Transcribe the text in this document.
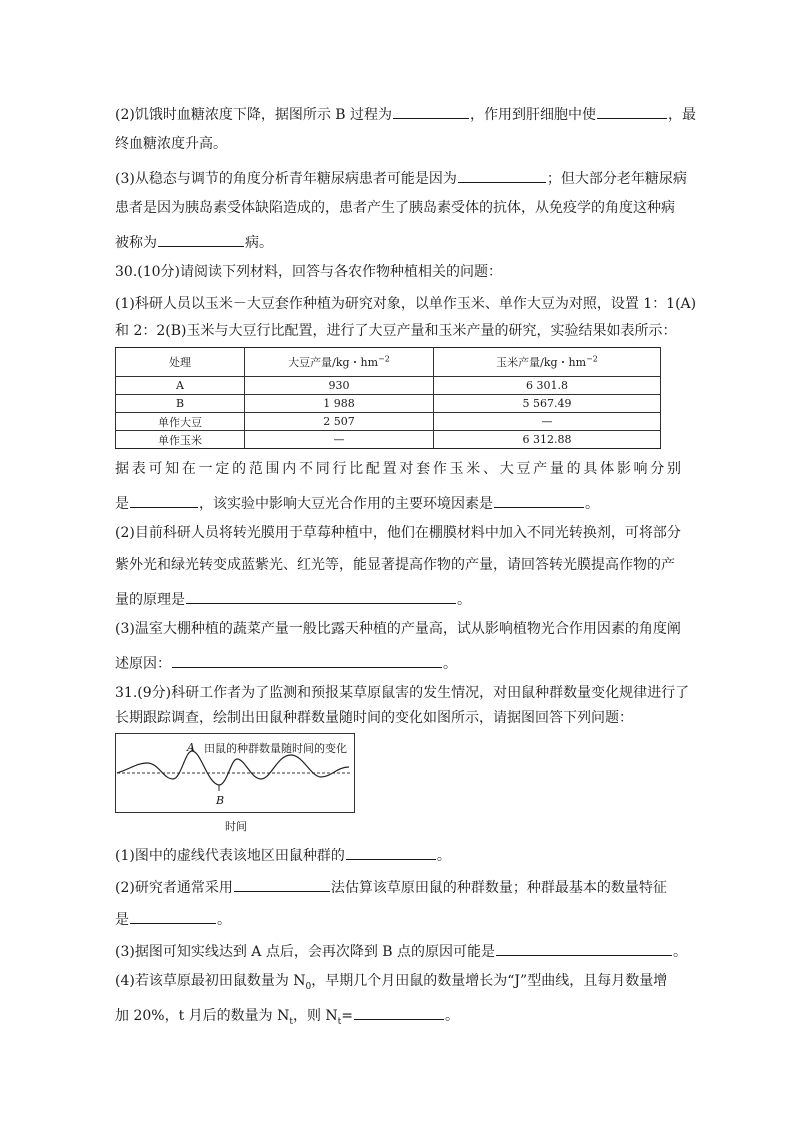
(2)饥饿时血糖浓度下降，据图所示 B 过程为	，作用到肝细胞中使	，最
终血糖浓度升高。
(3)从稳态与调节的角度分析青年糖尿病患者可能是因为	；但大部分老年糖尿病
患者是因为胰岛素受体缺陷造成的，患者产生了胰岛素受体的抗体，从免疫学的角度这种病
被称为	病。
30.(10分)请阅读下列材料，回答与各农作物种植相关的问题：
(1)科研人员以玉米－大豆套作种植为研究对象，以单作玉米、单作大豆为对照，设置 1：1(A)
和 2：2(B)玉米与大豆行比配置，进行了大豆产量和玉米产量的研究，实验结果如表所示：
处理	大豆产量/kg・$hm^{-2}$	玉米产量/kg・$hm^{-2}$
A	930	6 301.8
B	1 988	5 567.49
单作大豆	2 507	—
单作玉米	—	6 312.88
据表可知在一定的范围内不同行比配置对套作玉米、大豆产量的具体影响分别
是	，该实验中影响大豆光合作用的主要环境因素是	。
(2)目前科研人员将转光膜用于草莓种植中，他们在棚膜材料中加入不同光转换剂，可将部分
紫外光和绿光转变成蓝紫光、红光等，能显著提高作物的产量，请回答转光膜提高作物的产
量的原理是	。
(3)温室大棚种植的蔬菜产量一般比露天种植的产量高，试从影响植物光合作用因素的角度阐
述原因：	。
31.(9分)科研工作者为了监测和预报某草原鼠害的发生情况，对田鼠种群数量变化规律进行了
长期跟踪调查，绘制出田鼠种群数量随时间的变化如图所示，请据图回答下列问题：
田鼠的种群数量随时间的变化
A
B
时间
(1)图中的虚线代表该地区田鼠种群的	。
(2)研究者通常采用	法估算该草原田鼠的种群数量；种群最基本的数量特征
是	。
(3)据图可知实线达到 A 点后，会再次降到 B 点的原因可能是	。
(4)若该草原最初田鼠数量为 $N_0$，早期几个月田鼠的数量增长为“J”型曲线，且每月数量增
加 20%，t 月后的数量为 $N_t$，则 $N_t=$	。
